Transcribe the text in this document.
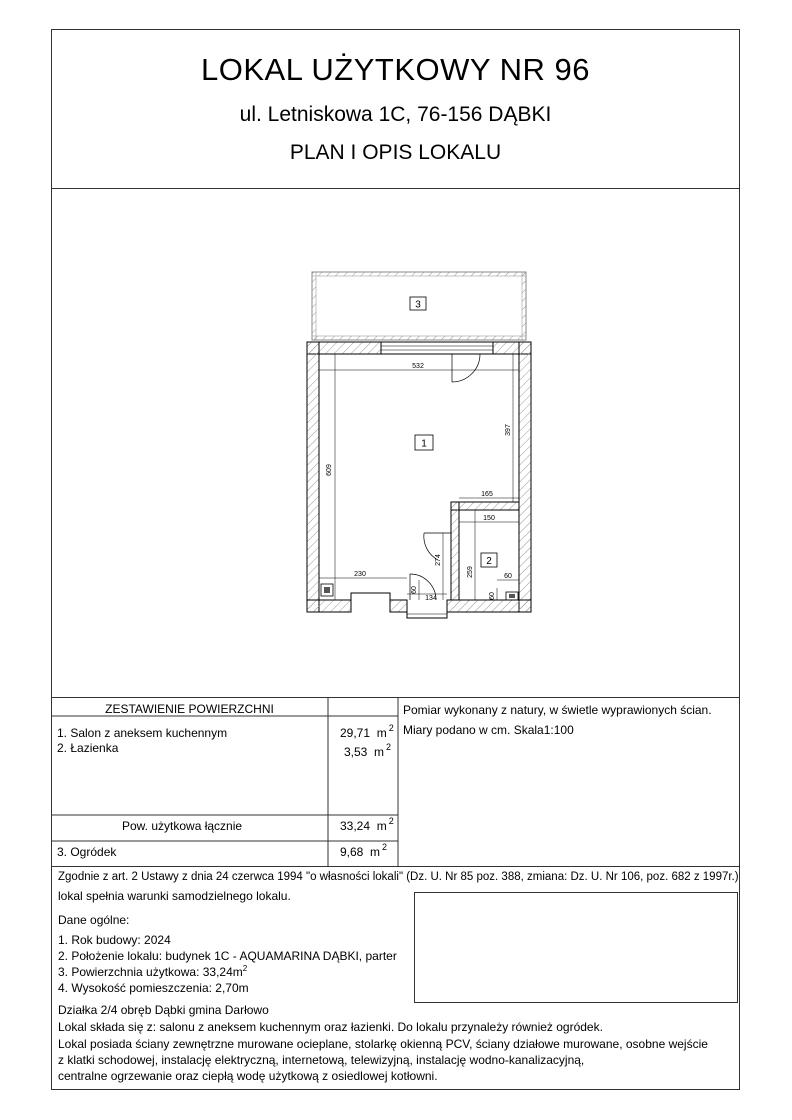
LOKAL UŻYTKOWY NR 96
ul. Letniskowa 1C, 76-156 DĄBKI
PLAN I OPIS LOKALU
3
1
2
532
397
609
165
150
274
259
230
60
134
60
60
ZESTAWIENIE POWIERZCHNI
1. Salon z aneksem kuchennym	29,71 m $^2$
2. Łazienka	3,53 m $^2$
Pow. użytkowa łącznie	33,24 m $^2$
3. Ogródek	9,68 m $^2$
Pomiar wykonany z natury, w świetle wyprawionych ścian.
Miary podano w cm. Skala1:100
Zgodnie z art. 2 Ustawy z dnia 24 czerwca 1994 "o własności lokali" (Dz. U. Nr 85 poz. 388, zmiana: Dz. U. Nr 106, poz. 682 z 1997r.)
lokal spełnia warunki samodzielnego lokalu.
Dane ogólne:
1. Rok budowy: 2024
2. Położenie lokalu: budynek 1C - AQUAMARINA DĄBKI, parter
3. Powierzchnia użytkowa: $33,24m^2$
4. Wysokość pomieszczenia: 2,70m
Działka 2/4 obręb Dąbki gmina Darłowo
Lokal składa się z: salonu z aneksem kuchennym oraz łazienki. Do lokalu przynależy również ogródek.
Lokal posiada ściany zewnętrzne murowane ocieplane, stolarkę okienną PCV, ściany działowe murowane, osobne wejście
z klatki schodowej, instalację elektryczną, internetową, telewizyjną, instalację wodno-kanalizacyjną,
centralne ogrzewanie oraz ciepłą wodę użytkową z osiedlowej kotłowni.
